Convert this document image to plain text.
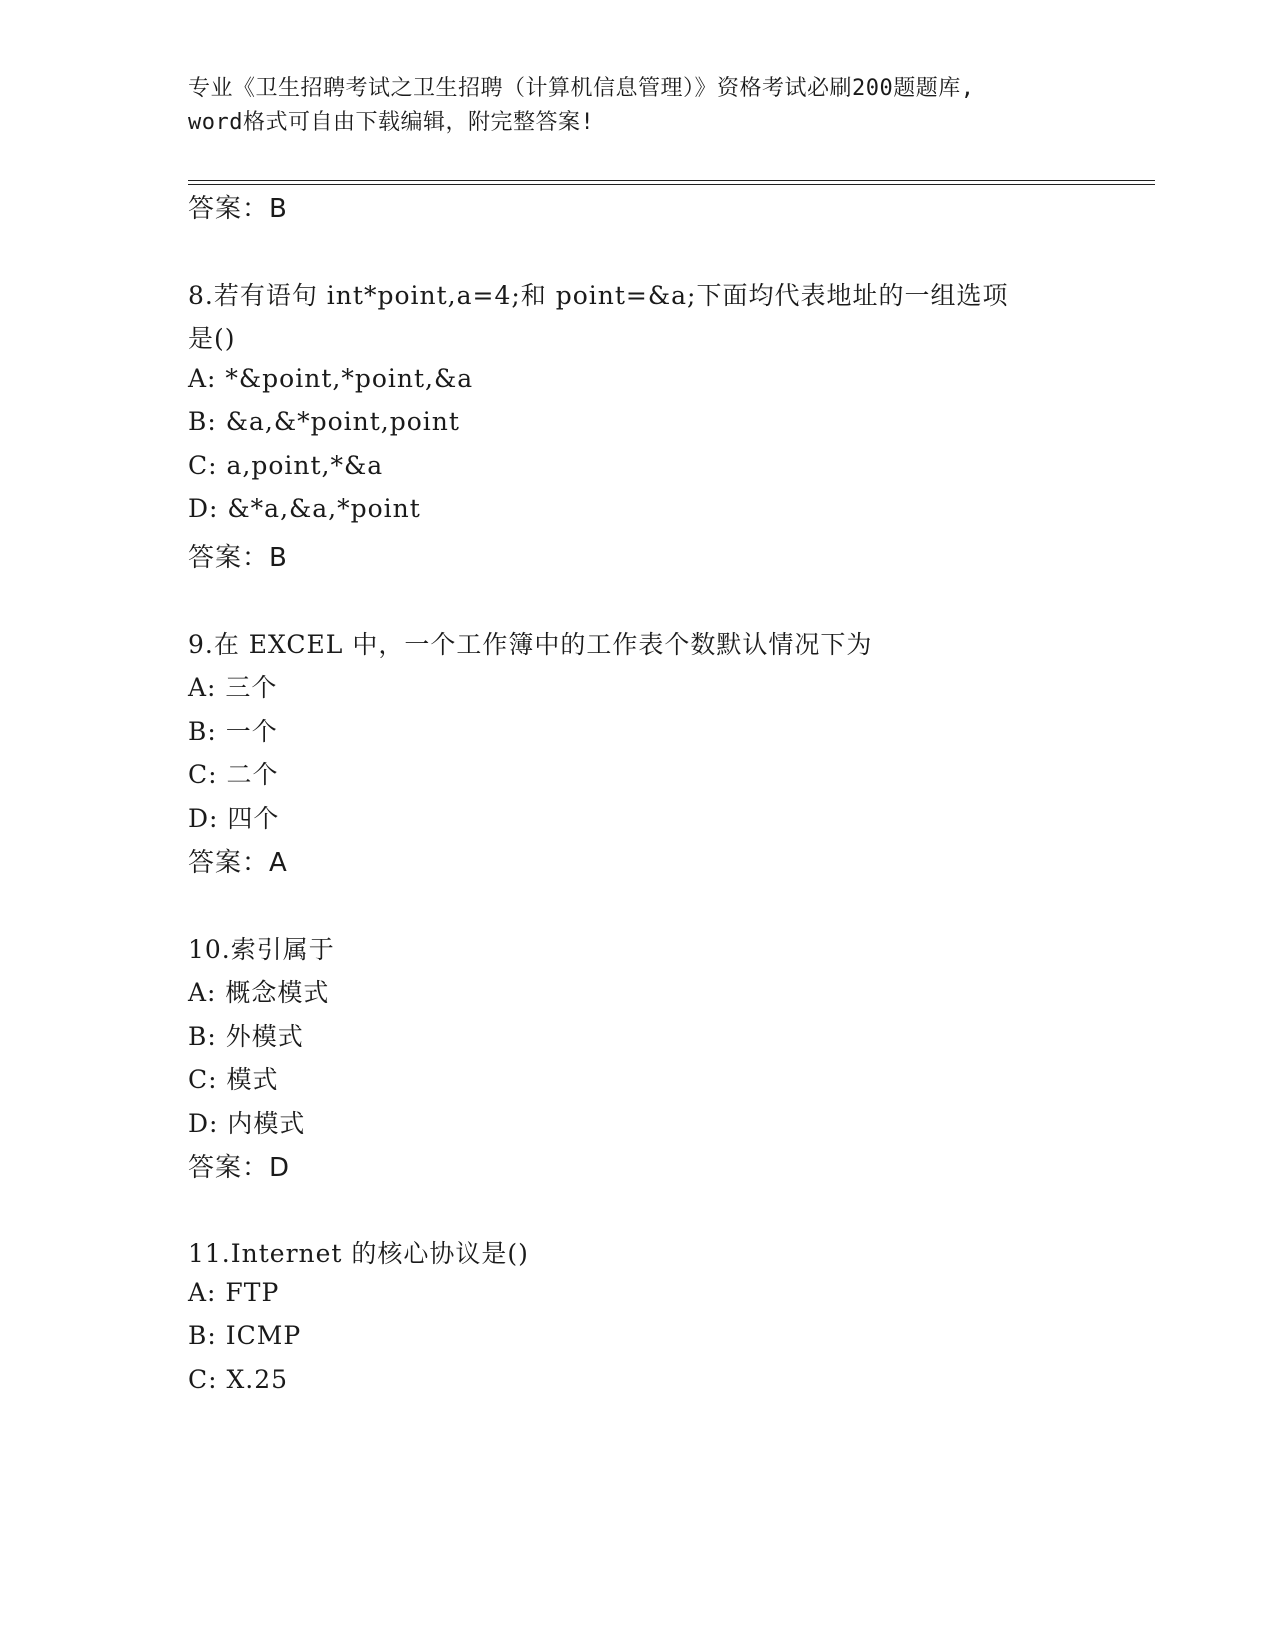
专业《卫生招聘考试之卫生招聘（计算机信息管理）》资格考试必刷200题题库,
word格式可自由下载编辑，附完整答案!
答案：B
8.若有语句 int*point,a=4;和 point=&a;下面均代表地址的一组选项
是()
A: *&point,*point,&a
B: &a,&*point,point
C: a,point,*&a
D: &*a,&a,*point
答案：B
9.在 EXCEL 中，一个工作簿中的工作表个数默认情况下为
A: 三个
B: 一个
C: 二个
D: 四个
答案：A
10.索引属于
A: 概念模式
B: 外模式
C: 模式
D: 内模式
答案：D
11.Internet 的核心协议是()
A: FTP
B: ICMP
C: X.25
